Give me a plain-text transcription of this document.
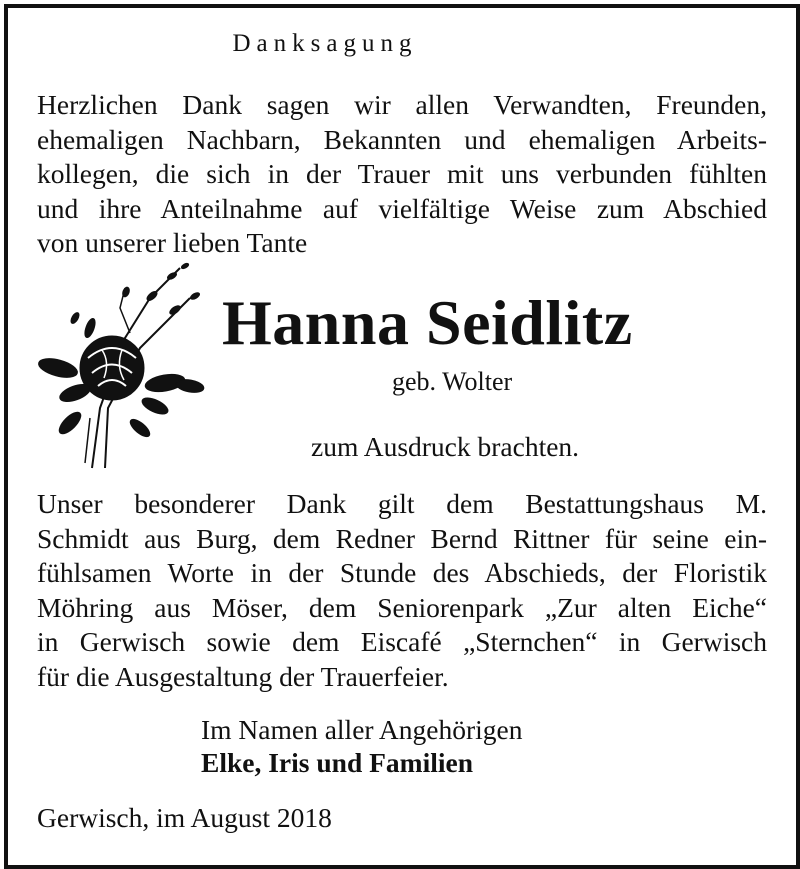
Danksagung
Herzlichen Dank sagen wir allen Verwandten, Freunden,
ehemaligen Nachbarn, Bekannten und ehemaligen Arbeits-
kollegen, die sich in der Trauer mit uns verbunden fühlten
und ihre Anteilnahme auf vielfältige Weise zum Abschied
von unserer lieben Tante
Hanna Seidlitz
geb. Wolter
zum Ausdruck brachten.
Unser besonderer Dank gilt dem Bestattungshaus M.
Schmidt aus Burg, dem Redner Bernd Rittner für seine ein-
fühlsamen Worte in der Stunde des Abschieds, der Floristik
Möhring aus Möser, dem Seniorenpark „Zur alten Eiche“
in Gerwisch sowie dem Eiscafé „Sternchen“ in Gerwisch
für die Ausgestaltung der Trauerfeier.
Im Namen aller Angehörigen
Elke, Iris und Familien
Gerwisch, im August 2018
